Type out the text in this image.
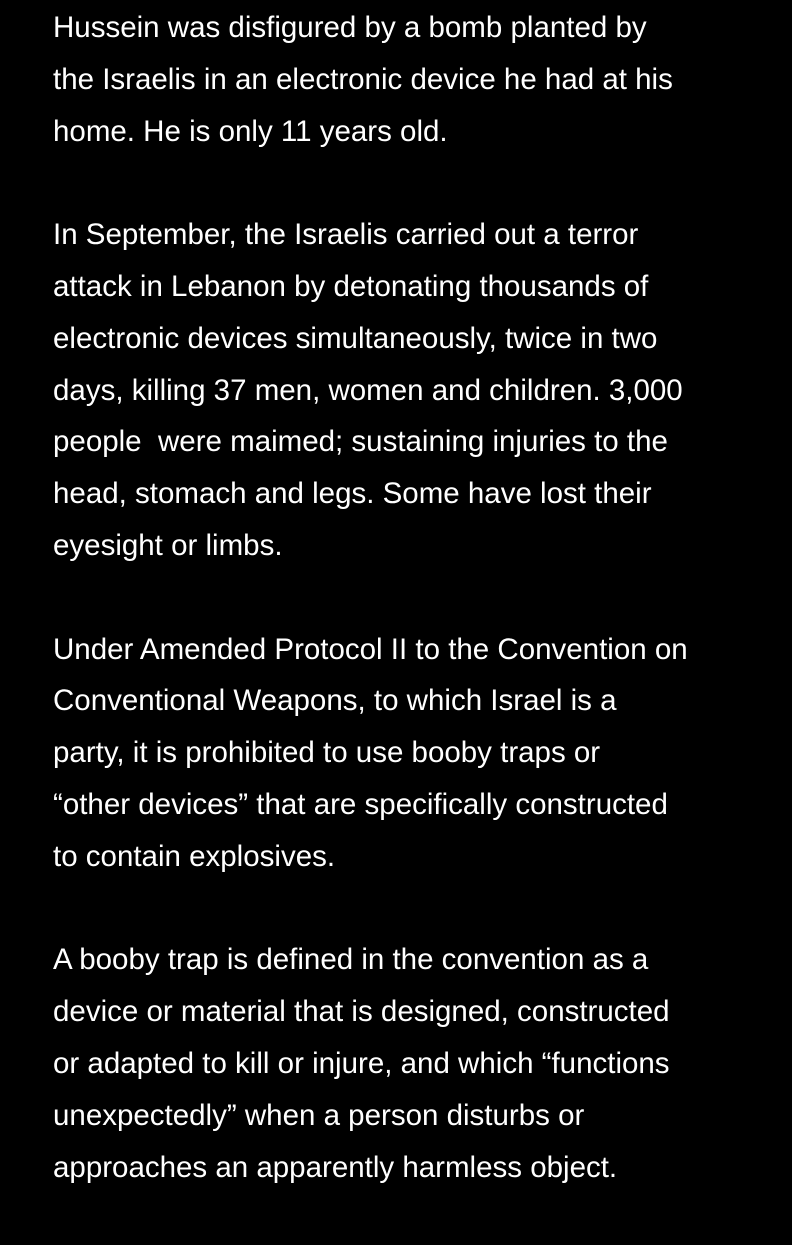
Hussein was disfigured by a bomb planted by
the Israelis in an electronic device he had at his
home. He is only 11 years old.

In September, the Israelis carried out a terror
attack in Lebanon by detonating thousands of
electronic devices simultaneously, twice in two
days, killing 37 men, women and children. 3,000
people  were maimed; sustaining injuries to the
head, stomach and legs. Some have lost their
eyesight or limbs.

Under Amended Protocol II to the Convention on
Conventional Weapons, to which Israel is a
party, it is prohibited to use booby traps or
“other devices” that are specifically constructed
to contain explosives.

A booby trap is defined in the convention as a
device or material that is designed, constructed
or adapted to kill or injure, and which “functions
unexpectedly” when a person disturbs or
approaches an apparently harmless object.
